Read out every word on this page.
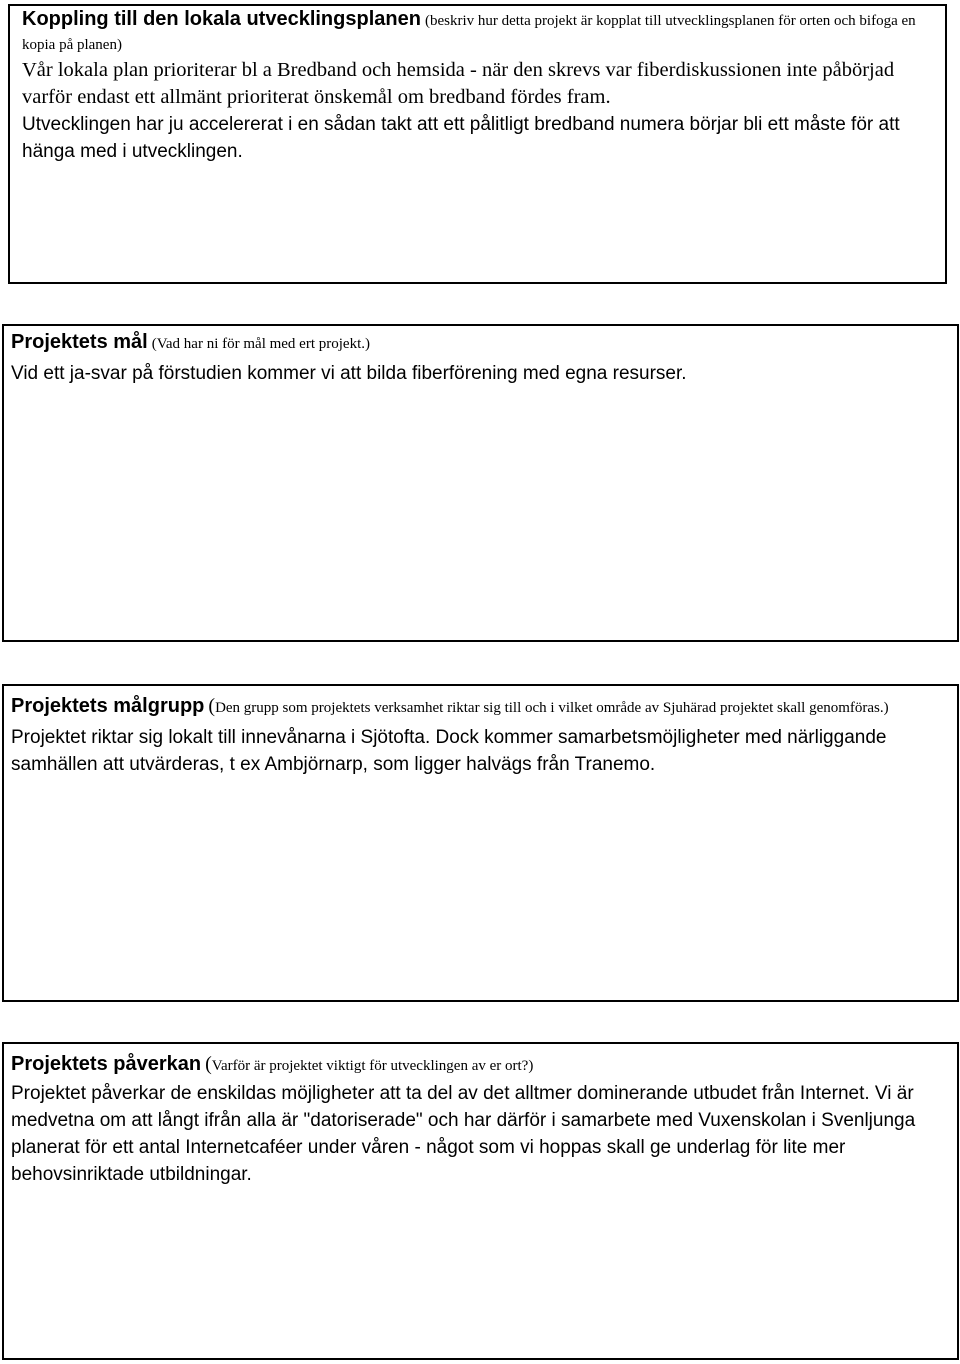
Koppling till den lokala utvecklingsplanen (beskriv hur detta projekt är kopplat till utvecklingsplanen för orten och bifoga en kopia på planen)

Vår lokala plan prioriterar bl a Bredband och hemsida - när den skrevs var fiberdiskussionen inte påbörjad varför endast ett allmänt prioriterat önskemål om bredband fördes fram.

Utvecklingen har ju accelererat i en sådan takt att ett pålitligt bredband numera börjar bli ett måste för att hänga med i utvecklingen.

Projektets mål (Vad har ni för mål med ert projekt.)

Vid ett ja-svar på förstudien kommer vi att bilda fiberförening med egna resurser.

Projektets målgrupp (Den grupp som projektets verksamhet riktar sig till och i vilket område av Sjuhärad projektet skall genomföras.)

Projektet riktar sig lokalt till innevånarna i Sjötofta. Dock kommer samarbetsmöjligheter med närliggande samhällen att utvärderas, t ex Ambjörnarp, som ligger halvägs från Tranemo.

Projektets påverkan (Varför är projektet viktigt för utvecklingen av er ort?)

Projektet påverkar de enskildas möjligheter att ta del av det alltmer dominerande utbudet från Internet. Vi är medvetna om att långt ifrån alla är "datoriserade" och har därför i samarbete med Vuxenskolan i Svenljunga planerat för ett antal Internetcaféer under våren - något som vi hoppas skall ge underlag för lite mer behovsinriktade utbildningar.
